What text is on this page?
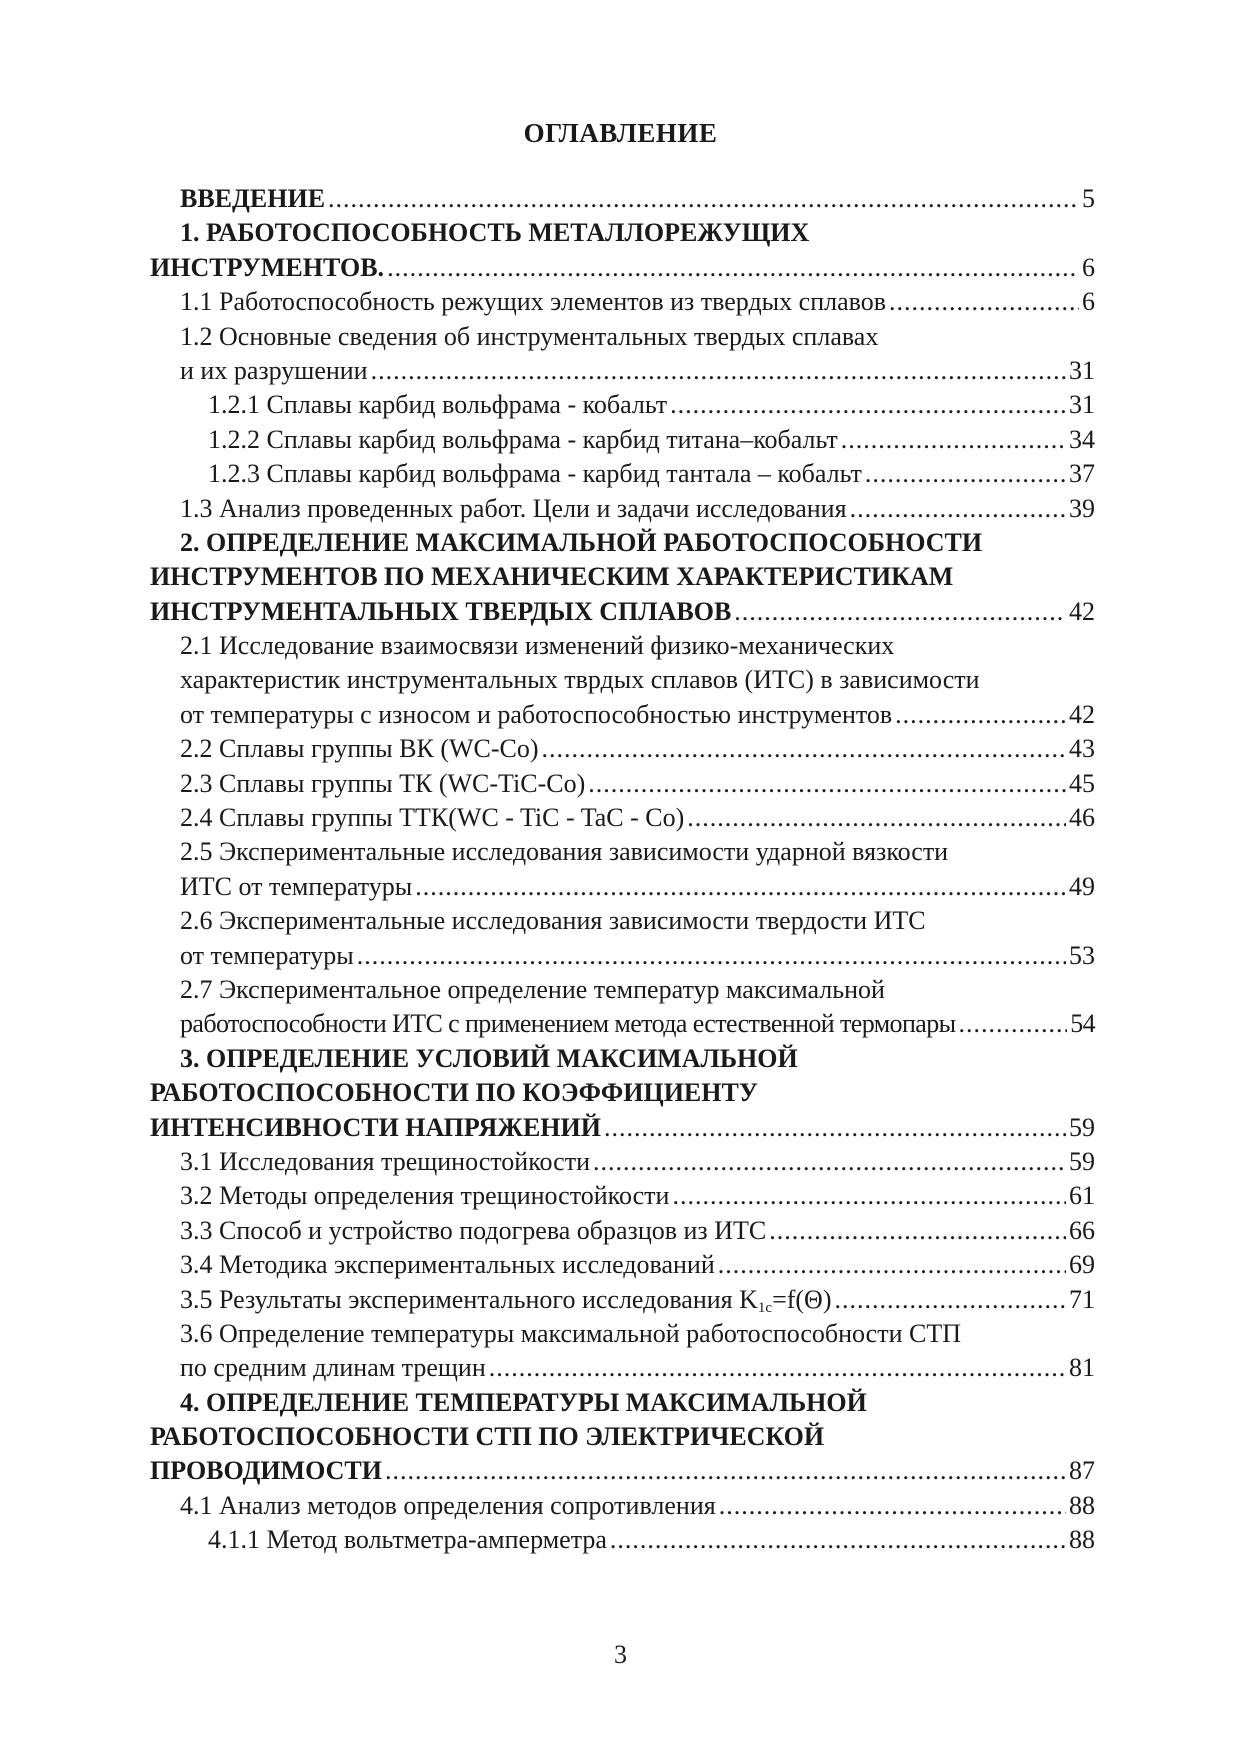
ОГЛАВЛЕНИЕ
ВВЕДЕНИЕ .....	5
1. РАБОТОСПОСОБНОСТЬ МЕТАЛЛОРЕЖУЩИХ
ИНСТРУМЕНТОВ. .....	6
1.1 Работоспособность режущих элементов из твердых сплавов .....	6
1.2 Основные сведения об инструментальных твердых сплавах
и их разрушении .....	31
1.2.1 Сплавы карбид вольфрама - кобальт .....	31
1.2.2 Сплавы карбид вольфрама - карбид титана–кобальт .....	34
1.2.3 Сплавы карбид вольфрама - карбид тантала – кобальт .....	37
1.3 Анализ проведенных работ. Цели и задачи исследования .....	39
2. ОПРЕДЕЛЕНИЕ МАКСИМАЛЬНОЙ РАБОТОСПОСОБНОСТИ
ИНСТРУМЕНТОВ ПО МЕХАНИЧЕСКИМ ХАРАКТЕРИСТИКАМ
ИНСТРУМЕНТАЛЬНЫХ ТВЕРДЫХ СПЛАВОВ .....	42
2.1 Исследование взаимосвязи изменений физико-механических
характеристик инструментальных тврдых сплавов (ИТС) в зависимости
от температуры с износом и работоспособностью инструментов .....	42
2.2 Сплавы группы ВК (WC-Co) .....	43
2.3 Сплавы группы ТК (WC-TiC-Co) .....	45
2.4 Сплавы группы ТТК(WC - TiC - TaC - Co) .....	46
2.5 Экспериментальные исследования зависимости ударной вязкости
ИТС от температуры .....	49
2.6 Экспериментальные исследования зависимости твердости ИТС
от температуры .....	53
2.7 Экспериментальное определение температур максимальной
работоспособности ИТС с применением метода естественной термопары .....	54
3. ОПРЕДЕЛЕНИЕ УСЛОВИЙ МАКСИМАЛЬНОЙ
РАБОТОСПОСОБНОСТИ ПО КОЭФФИЦИЕНТУ
ИНТЕНСИВНОСТИ НАПРЯЖЕНИЙ .....	59
3.1 Исследования трещиностойкости .....	59
3.2 Методы определения трещиностойкости .....	61
3.3 Способ и устройство подогрева образцов из ИТС .....	66
3.4 Методика экспериментальных исследований .....	69
3.5 Результаты экспериментального исследования $K_{1c}=f(\Theta)$ .....	71
3.6 Определение температуры максимальной работоспособности СТП
по средним длинам трещин .....	81
4. ОПРЕДЕЛЕНИЕ ТЕМПЕРАТУРЫ МАКСИМАЛЬНОЙ
РАБОТОСПОСОБНОСТИ СТП ПО ЭЛЕКТРИЧЕСКОЙ
ПРОВОДИМОСТИ .....	87
4.1 Анализ методов определения сопротивления .....	88
4.1.1 Метод вольтметра-амперметра .....	88
3
